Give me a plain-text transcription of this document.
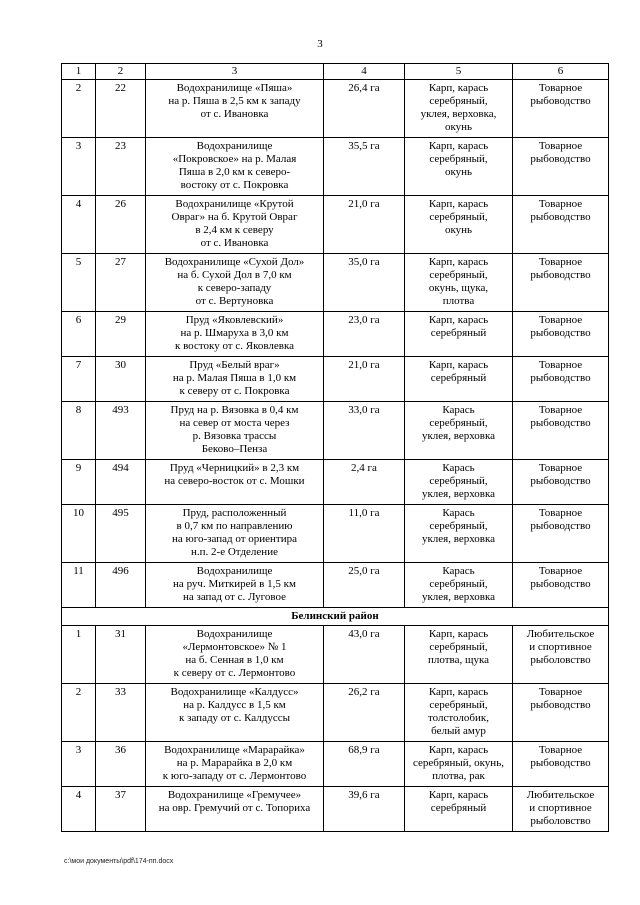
3
1	2	3	4	5	6
2	22	Водохранилище «Пяша»
на р. Пяша в 2,5 км к западу
от с. Ивановка	26,4 га	Карп, карась
серебряный,
уклея, верховка,
окунь	Товарное
рыбоводство
3	23	Водохранилище
«Покровское» на р. Малая
Пяша в 2,0 км к северо-
востоку от с. Покровка	35,5 га	Карп, карась
серебряный,
окунь	Товарное
рыбоводство
4	26	Водохранилище «Крутой
Овраг» на б. Крутой Овраг
в 2,4 км к северу
от с. Ивановка	21,0 га	Карп, карась
серебряный,
окунь	Товарное
рыбоводство
5	27	Водохранилище «Сухой Дол»
на б. Сухой Дол в 7,0 км
к северо-западу
от с. Вертуновка	35,0 га	Карп, карась
серебряный,
окунь, щука,
плотва	Товарное
рыбоводство
6	29	Пруд «Яковлевский»
на р. Шмаруха в 3,0 км
к востоку от с. Яковлевка	23,0 га	Карп, карась
серебряный	Товарное
рыбоводство
7	30	Пруд «Белый враг»
на р. Малая Пяша в 1,0 км
к северу от с. Покровка	21,0 га	Карп, карась
серебряный	Товарное
рыбоводство
8	493	Пруд на р. Вязовка в 0,4 км
на север от моста через
р. Вязовка трассы
Беково–Пенза	33,0 га	Карась
серебряный,
уклея, верховка	Товарное
рыбоводство
9	494	Пруд «Черницкий» в 2,3 км
на северо-восток от с. Мошки	2,4 га	Карась
серебряный,
уклея, верховка	Товарное
рыбоводство
10	495	Пруд, расположенный
в 0,7 км по направлению
на юго-запад от ориентира
н.п. 2-е Отделение	11,0 га	Карась
серебряный,
уклея, верховка	Товарное
рыбоводство
11	496	Водохранилище
на руч. Миткирей в 1,5 км
на запад от с. Луговое	25,0 га	Карась
серебряный,
уклея, верховка	Товарное
рыбоводство
Белинский район					
1	31	Водохранилище
«Лермонтовское» № 1
на б. Сенная в 1,0 км
к северу от с. Лермонтово	43,0 га	Карп, карась
серебряный,
плотва, щука	Любительское
и спортивное
рыболовство
2	33	Водохранилище «Калдусс»
на р. Калдусс в 1,5 км
к западу от с. Калдуссы	26,2 га	Карп, карась
серебряный,
толстолобик,
белый амур	Товарное
рыбоводство
3	36	Водохранилище «Марарайка»
на р. Марарайка в 2,0 км
к юго-западу от с. Лермонтово	68,9 га	Карп, карась
серебряный, окунь,
плотва, рак	Товарное
рыбоводство
4	37	Водохранилище «Гремучее»
на овр. Гремучий от с. Топориха	39,6 га	Карп, карась
серебряный	Любительское
и спортивное
рыболовство
c:\мои документы\pdf\174-пп.docx
